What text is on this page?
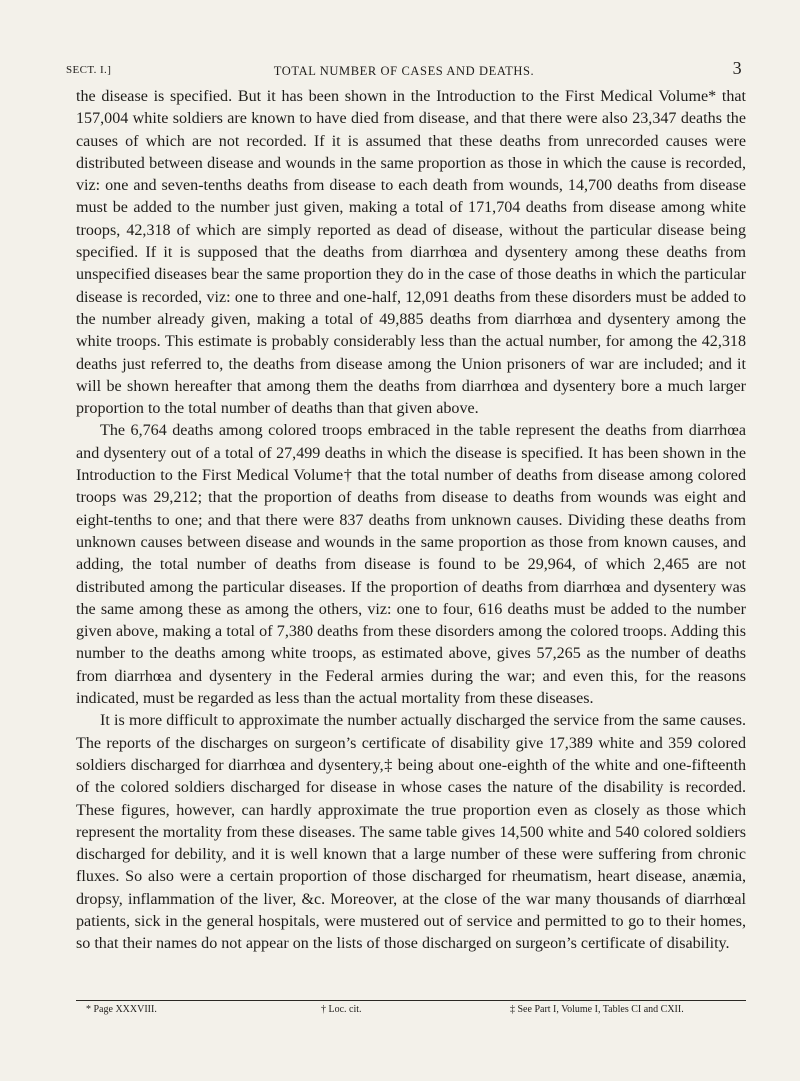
SECT. I.]	TOTAL NUMBER OF CASES AND DEATHS.	3

the disease is specified. But it has been shown in the Introduction to the First Medical Volume* that 157,004 white soldiers are known to have died from disease, and that there were also 23,347 deaths the causes of which are not recorded. If it is assumed that these deaths from unrecorded causes were distributed between disease and wounds in the same proportion as those in which the cause is recorded, viz: one and seven-tenths deaths from disease to each death from wounds, 14,700 deaths from disease must be added to the number just given, making a total of 171,704 deaths from disease among white troops, 42,318 of which are simply reported as dead of disease, without the particular disease being specified. If it is supposed that the deaths from diarrhœa and dysentery among these deaths from unspecified diseases bear the same proportion they do in the case of those deaths in which the particular disease is recorded, viz: one to three and one-half, 12,091 deaths from these disorders must be added to the number already given, making a total of 49,885 deaths from diarrhœa and dysentery among the white troops. This estimate is probably considerably less than the actual number, for among the 42,318 deaths just referred to, the deaths from disease among the Union prisoners of war are included; and it will be shown hereafter that among them the deaths from diarrhœa and dysentery bore a much larger proportion to the total number of deaths than that given above.

The 6,764 deaths among colored troops embraced in the table represent the deaths from diarrhœa and dysentery out of a total of 27,499 deaths in which the disease is specified. It has been shown in the Introduction to the First Medical Volume† that the total number of deaths from disease among colored troops was 29,212; that the proportion of deaths from disease to deaths from wounds was eight and eight-tenths to one; and that there were 837 deaths from unknown causes. Dividing these deaths from unknown causes between disease and wounds in the same proportion as those from known causes, and adding, the total number of deaths from disease is found to be 29,964, of which 2,465 are not distributed among the particular diseases. If the proportion of deaths from diarrhœa and dysentery was the same among these as among the others, viz: one to four, 616 deaths must be added to the number given above, making a total of 7,380 deaths from these disorders among the colored troops. Adding this number to the deaths among white troops, as estimated above, gives 57,265 as the number of deaths from diarrhœa and dysentery in the Federal armies during the war; and even this, for the reasons indicated, must be regarded as less than the actual mortality from these diseases.

It is more difficult to approximate the number actually discharged the service from the same causes. The reports of the discharges on surgeon’s certificate of disability give 17,389 white and 359 colored soldiers discharged for diarrhœa and dysentery,‡ being about one-eighth of the white and one-fifteenth of the colored soldiers discharged for disease in whose cases the nature of the disability is recorded. These figures, however, can hardly approximate the true proportion even as closely as those which represent the mortality from these diseases. The same table gives 14,500 white and 540 colored soldiers discharged for debility, and it is well known that a large number of these were suffering from chronic fluxes. So also were a certain proportion of those discharged for rheumatism, heart disease, anæmia, dropsy, inflammation of the liver, &c. Moreover, at the close of the war many thousands of diarrhœal patients, sick in the general hospitals, were mustered out of service and permitted to go to their homes, so that their names do not appear on the lists of those discharged on surgeon’s certificate of disability.

* Page XXXVIII.	† Loc. cit.	‡ See Part I, Volume I, Tables CI and CXII.
